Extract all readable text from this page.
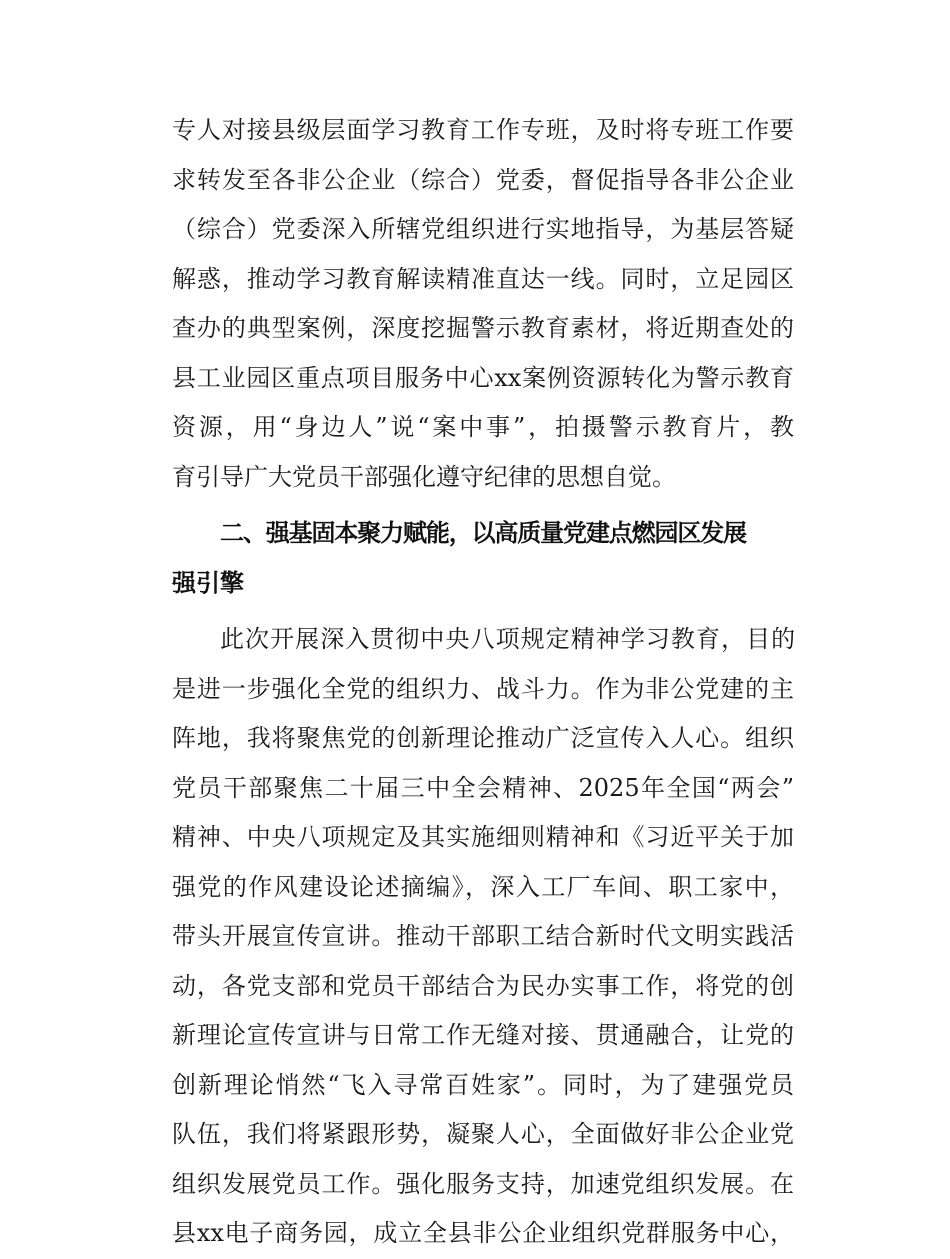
专人对接县级层面学习教育工作专班，及时将专班工作要
求转发至各非公企业（综合）党委，督促指导各非公企业
（综合）党委深入所辖党组织进行实地指导，为基层答疑
解惑，推动学习教育解读精准直达一线。同时，立足园区
查办的典型案例，深度挖掘警示教育素材，将近期查处的
县工业园区重点项目服务中心xx案例资源转化为警示教育
资源，用“身边人”说“案中事”，拍摄警示教育片，教
育引导广大党员干部强化遵守纪律的思想自觉。

二、强基固本聚力赋能，以高质量党建点燃园区发展
强引擎

此次开展深入贯彻中央八项规定精神学习教育，目的
是进一步强化全党的组织力、战斗力。作为非公党建的主
阵地，我将聚焦党的创新理论推动广泛宣传入人心。组织
党员干部聚焦二十届三中全会精神、2025年全国“两会”
精神、中央八项规定及其实施细则精神和《习近平关于加
强党的作风建设论述摘编》，深入工厂车间、职工家中，
带头开展宣传宣讲。推动干部职工结合新时代文明实践活
动，各党支部和党员干部结合为民办实事工作，将党的创
新理论宣传宣讲与日常工作无缝对接、贯通融合，让党的
创新理论悄然“飞入寻常百姓家”。同时，为了建强党员
队伍，我们将紧跟形势，凝聚人心，全面做好非公企业党
组织发展党员工作。强化服务支持，加速党组织发展。在
县xx电子商务园，成立全县非公企业组织党群服务中心，
